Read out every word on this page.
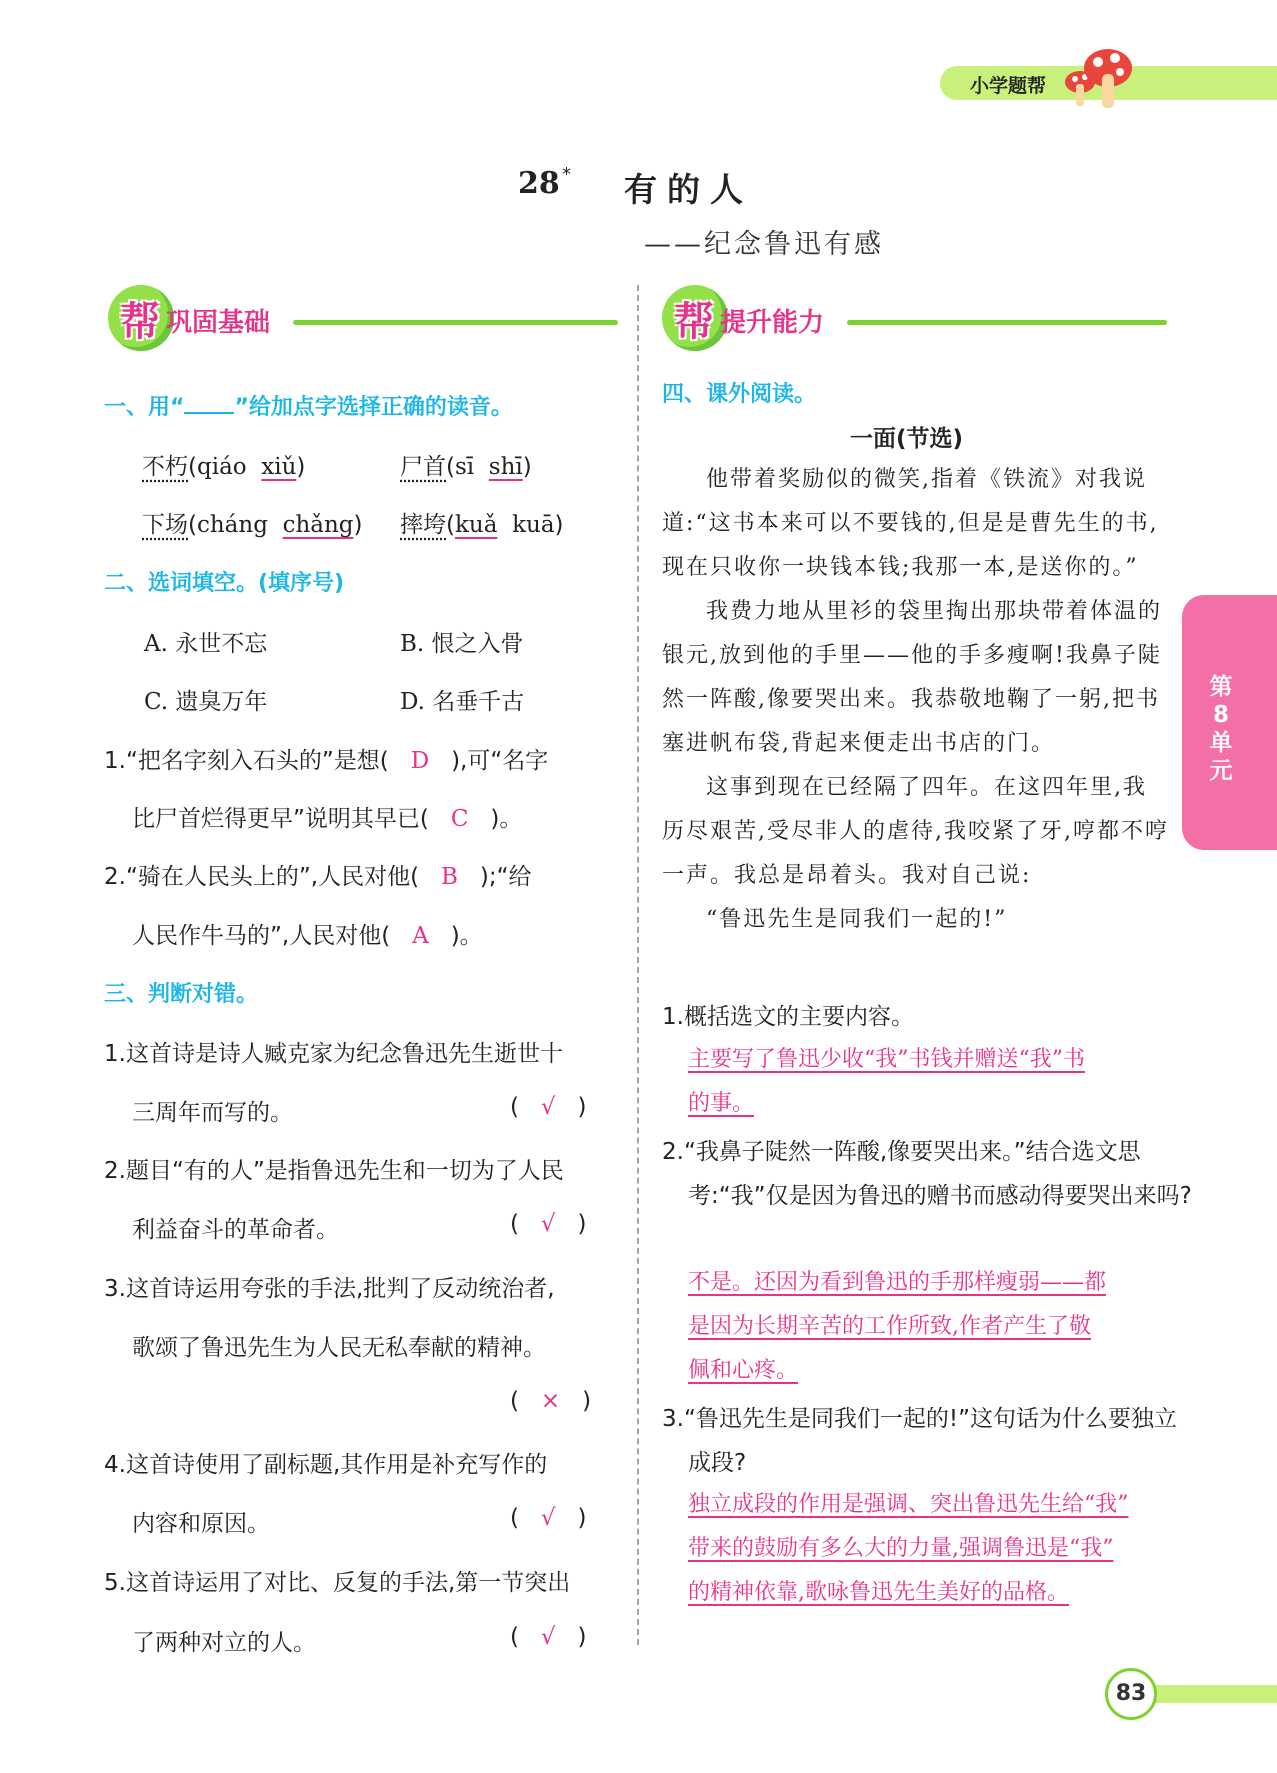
小学题帮
28 * 有的人
——纪念鲁迅有感
帮 巩固基础	帮 提升能力
一、用“ ”给加点字选择正确的读音。
不朽(qiáo xiǔ)	尸首(sī shī)
下场(cháng chǎng) 摔垮(kuǎ kuā)
二、选词填空。(填序号)
A. 永世不忘	B. 恨之入骨
C. 遗臭万年	D. 名垂千古
1.“把名字刻入石头的”是想( D ),可“名字
比尸首烂得更早”说明其早已( C )。
2.“骑在人民头上的”,人民对他( B );“给
人民作牛马的”,人民对他( A )。
三、判断对错。
1.这首诗是诗人臧克家为纪念鲁迅先生逝世十
三周年而写的。	( √ )
2.题目“有的人”是指鲁迅先生和一切为了人民
利益奋斗的革命者。	( √ )
3.这首诗运用夸张的手法,批判了反动统治者,
歌颂了鲁迅先生为人民无私奉献的精神。
( × )
4.这首诗使用了副标题,其作用是补充写作的
内容和原因。	( √ )
5.这首诗运用了对比、反复的手法,第一节突出
了两种对立的人。	( √ )
四、课外阅读。
一面(节选)

他带着奖励似的微笑,指着《铁流》对我说道:“这书本来可以不要钱的,但是是曹先生的书,现在只收你一块钱本钱;我那一本,是送你的。”

我费力地从里衫的袋里掏出那块带着体温的银元,放到他的手里——他的手多瘦啊!我鼻子陡然一阵酸,像要哭出来。我恭敬地鞠了一躬,把书塞进帆布袋,背起来便走出书店的门。

这事到现在已经隔了四年。在这四年里,我历尽艰苦,受尽非人的虐待,我咬紧了牙,哼都不哼一声。我总是昂着头。我对自己说:

“鲁迅先生是同我们一起的!”

1.概括选文的主要内容。
主要写了鲁迅少收“我”书钱并赠送“我”书
的事。
2.“我鼻子陡然一阵酸,像要哭出来。”结合选文思考:“我”仅是因为鲁迅的赠书而感动得要哭出来吗?
不是。还因为看到鲁迅的手那样瘦弱——都
是因为长期辛苦的工作所致,作者产生了敬
佩和心疼。
3.“鲁迅先生是同我们一起的!”这句话为什么要独立成段?
独立成段的作用是强调、突出鲁迅先生给“我”
带来的鼓励有多么大的力量,强调鲁迅是“我”
的精神依靠,歌咏鲁迅先生美好的品格。
第8单元
83
